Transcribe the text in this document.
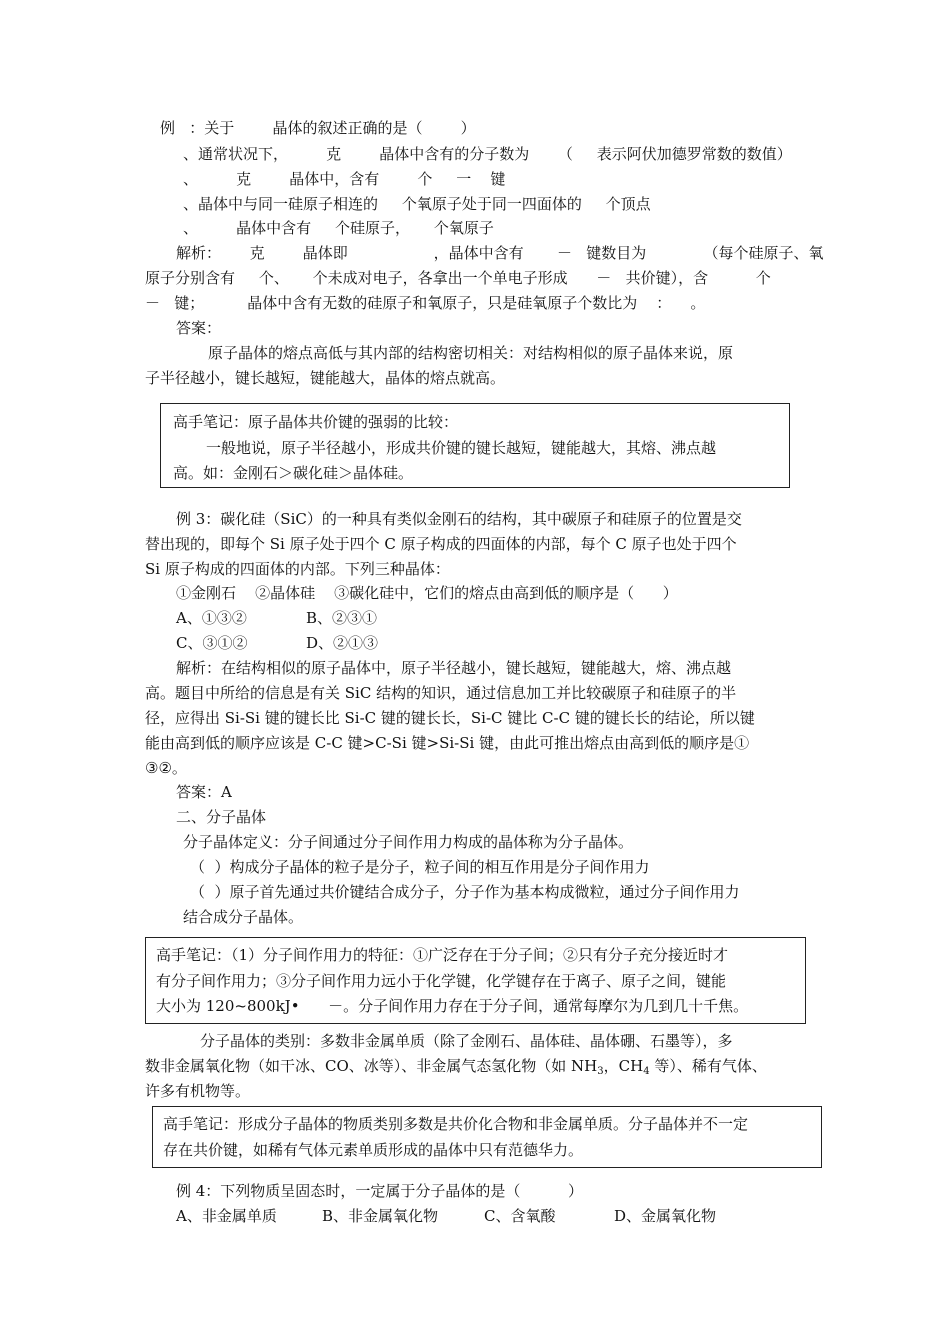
例   ：关于        晶体的叙述正确的是（        ）
、通常状况下，        克        晶体中含有的分子数为      （     表示阿伏加德罗常数的数值）
、        克        晶体中，含有        个     一    键
、晶体中与同一硅原子相连的     个氧原子处于同一四面体的     个顶点
、        晶体中含有     个硅原子，     个氧原子
解析：      克        晶体即                  ，晶体中含有       －   键数目为            （每个硅原子、氧
原子分别含有     个、     个未成对电子，各拿出一个单电子形成      －   共价键），含          个
－   键；         晶体中含有无数的硅原子和氧原子，只是硅氧原子个数比为    ：    。
答案：
原子晶体的熔点高低与其内部的结构密切相关：对结构相似的原子晶体来说，原
子半径越小，键长越短，键能越大，晶体的熔点就高。
高手笔记：原子晶体共价键的强弱的比较：
一般地说，原子半径越小，形成共价键的键长越短，键能越大，其熔、沸点越
高。如：金刚石＞碳化硅＞晶体硅。
例 3：碳化硅（SiC）的一种具有类似金刚石的结构，其中碳原子和硅原子的位置是交
替出现的，即每个 Si 原子处于四个 C 原子构成的四面体的内部，每个 C 原子也处于四个
Si 原子构成的四面体的内部。下列三种晶体：
①金刚石    ②晶体硅    ③碳化硅中，它们的熔点由高到低的顺序是（      ）
A、①③②	B、②③①
C、③①②	D、②①③
解析：在结构相似的原子晶体中，原子半径越小，键长越短，键能越大，熔、沸点越
高。题目中所给的信息是有关 SiC 结构的知识，通过信息加工并比较碳原子和硅原子的半
径，应得出 Si-Si 键的键长比 Si-C 键的键长长，Si-C 键比 C-C 键的键长长的结论，所以键
能由高到低的顺序应该是 C-C 键>C-Si 键>Si-Si 键，由此可推出熔点由高到低的顺序是①
③②。
答案：A
二、分子晶体
分子晶体定义：分子间通过分子间作用力构成的晶体称为分子晶体。
（  ）构成分子晶体的粒子是分子，粒子间的相互作用是分子间作用力
（  ）原子首先通过共价键结合成分子，分子作为基本构成微粒，通过分子间作用力
结合成分子晶体。
高手笔记：（1）分子间作用力的特征：①广泛存在于分子间；②只有分子充分接近时才
有分子间作用力；③分子间作用力远小于化学键，化学键存在于离子、原子之间，键能
大小为 120~800kJ•      －。分子间作用力存在于分子间，通常每摩尔为几到几十千焦。
分子晶体的类别：多数非金属单质（除了金刚石、晶体硅、晶体硼、石墨等），多
数非金属氧化物（如干冰、CO、冰等）、非金属气态氢化物（如 $NH_3$，$CH_4$ 等）、稀有气体、
许多有机物等。
高手笔记：形成分子晶体的物质类别多数是共价化合物和非金属单质。分子晶体并不一定
存在共价键，如稀有气体元素单质形成的晶体中只有范德华力。
例 4：下列物质呈固态时，一定属于分子晶体的是（          ）
A、非金属单质	B、非金属氧化物	C、含氧酸	D、金属氧化物
